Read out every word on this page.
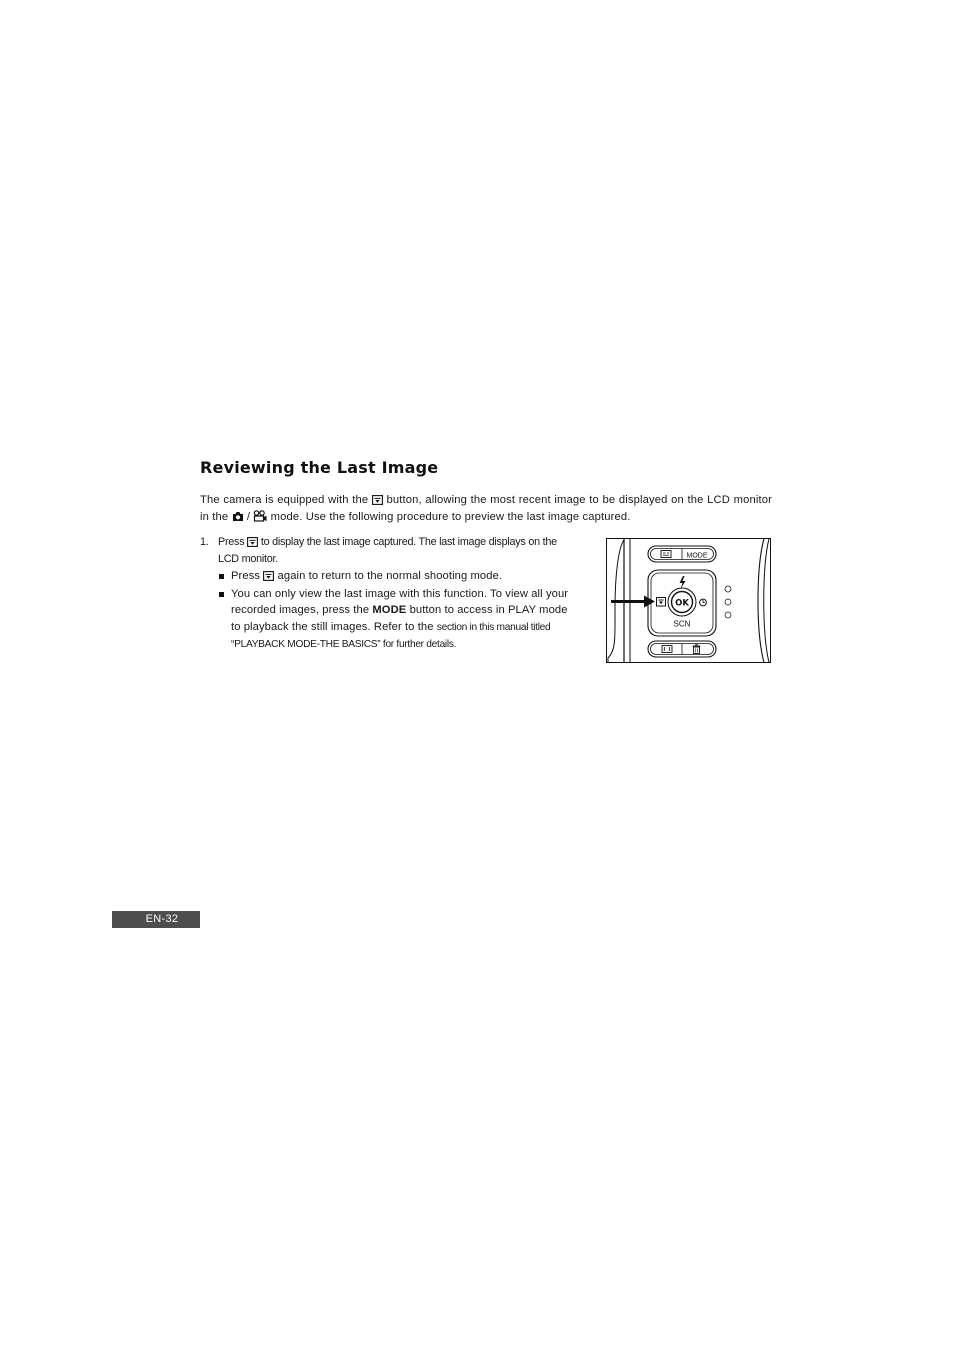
Reviewing the Last Image

The camera is equipped with the button, allowing the most recent image to be displayed on the LCD monitor in the / mode. Use the following procedure to preview the last image captured.

1. Press to display the last image captured. The last image displays on the LCD monitor.
Press again to return to the normal shooting mode.
You can only view the last image with this function. To view all your recorded images, press the MODE button to access in PLAY mode to playback the still images. Refer to the section in this manual titled “PLAYBACK MODE-THE BASICS” for further details.
MODE
OK
SCN
EN-32
